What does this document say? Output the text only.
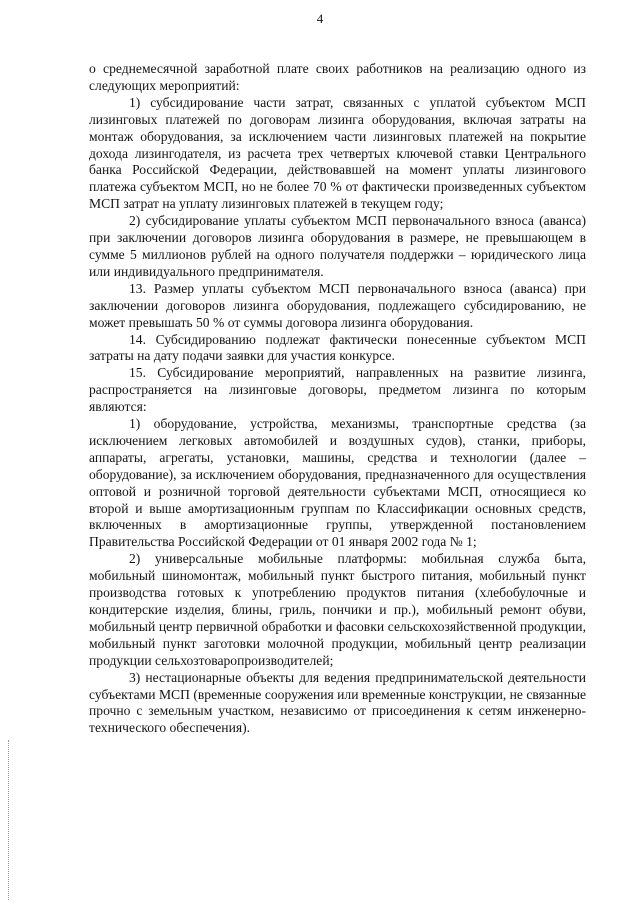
4

о среднемесячной заработной плате своих работников на реализацию одного из следующих мероприятий:

1) субсидирование части затрат, связанных с уплатой субъектом МСП лизинговых платежей по договорам лизинга оборудования, включая затраты на монтаж оборудования, за исключением части лизинговых платежей на покрытие дохода лизингодателя, из расчета трех четвертых ключевой ставки Центрального банка Российской Федерации, действовавшей на момент уплаты лизингового платежа субъектом МСП, но не более 70 % от фактически произведенных субъектом МСП затрат на уплату лизинговых платежей в текущем году;

2) субсидирование уплаты субъектом МСП первоначального взноса (аванса) при заключении договоров лизинга оборудования в размере, не превышающем в сумме 5 миллионов рублей на одного получателя поддержки – юридического лица или индивидуального предпринимателя.

13. Размер уплаты субъектом МСП первоначального взноса (аванса) при заключении договоров лизинга оборудования, подлежащего субсидированию, не может превышать 50 % от суммы договора лизинга оборудования.

14. Субсидированию подлежат фактически понесенные субъектом МСП затраты на дату подачи заявки для участия конкурсе.

15. Субсидирование мероприятий, направленных на развитие лизинга, распространяется на лизинговые договоры, предметом лизинга по которым являются:

1) оборудование, устройства, механизмы, транспортные средства (за исключением легковых автомобилей и воздушных судов), станки, приборы, аппараты, агрегаты, установки, машины, средства и технологии (далее – оборудование), за исключением оборудования, предназначенного для осуществления оптовой и розничной торговой деятельности субъектами МСП, относящиеся ко второй и выше амортизационным группам по Классификации основных средств, включенных в амортизационные группы, утвержденной постановлением Правительства Российской Федерации от 01 января 2002 года № 1;

2) универсальные мобильные платформы: мобильная служба быта, мобильный шиномонтаж, мобильный пункт быстрого питания, мобильный пункт производства готовых к употреблению продуктов питания (хлебобулочные и кондитерские изделия, блины, гриль, пончики и пр.), мобильный ремонт обуви, мобильный центр первичной обработки и фасовки сельскохозяйственной продукции, мобильный пункт заготовки молочной продукции, мобильный центр реализации продукции сельхозтоваропроизводителей;

3) нестационарные объекты для ведения предпринимательской деятельности субъектами МСП (временные сооружения или временные конструкции, не связанные прочно с земельным участком, независимо от присоединения к сетям инженерно-технического обеспечения).
